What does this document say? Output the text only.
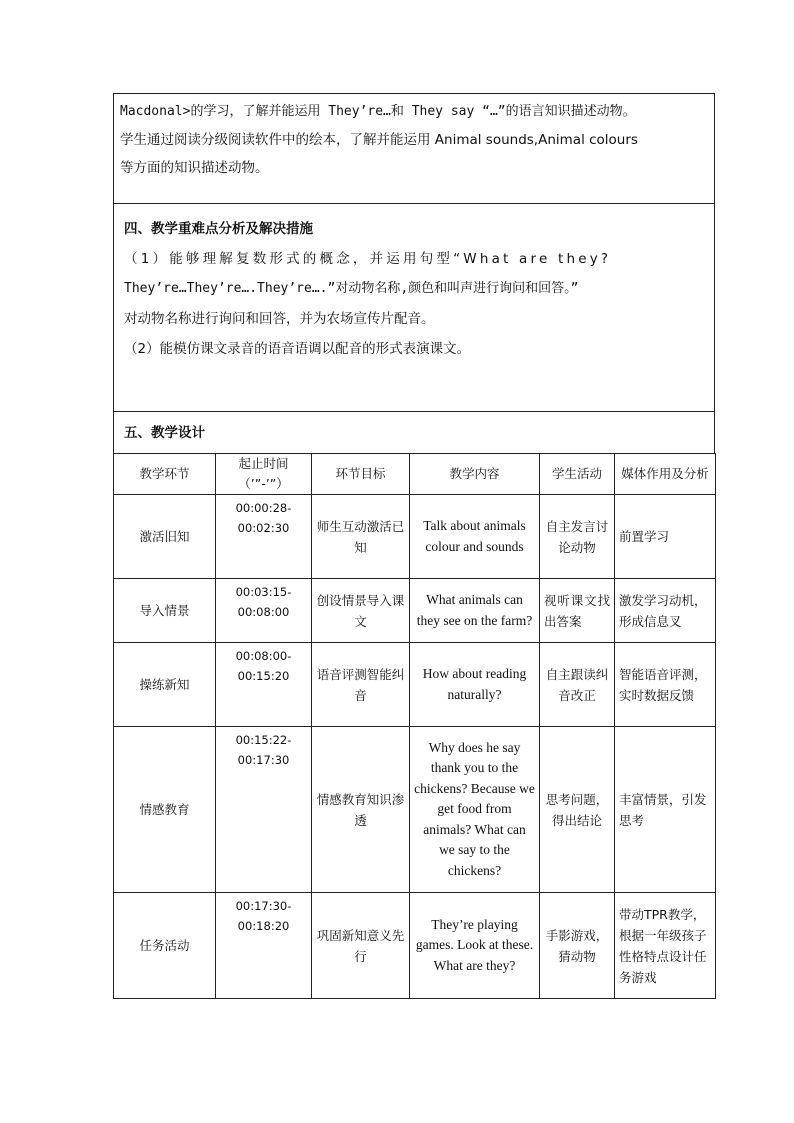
Macdonal>的学习，了解并能运用 They’re…和 They say “…”的语言知识描述动物。
学生通过阅读分级阅读软件中的绘本，了解并能运用 Animal sounds,Animal colours
等方面的知识描述动物。
四、教学重难点分析及解决措施
（1）能够理解复数形式的概念，并运用句型“What are they?
They’re…They’re….They’re….”对动物名称,颜色和叫声进行询问和回答。”
对动物名称进行询问和回答，并为农场宣传片配音。
（2）能模仿课文录音的语音语调以配音的形式表演课文。
五、教学设计
教学环节	起止时间（’”-’”）	环节目标	教学内容	学生活动	媒体作用及分析
激活旧知	00:00:28-00:02:30	师生互动激活已知	Talk about animals colour and sounds	自主发言讨论动物	前置学习
导入情景	00:03:15-00:08:00	创设情景导入课文	What animals can they see on the farm?	视听课文找出答案	激发学习动机，形成信息叉
操练新知	00:08:00-00:15:20	语音评测智能纠音	How about reading naturally?	自主跟读纠音改正	智能语音评测，实时数据反馈
情感教育	00:15:22-00:17:30	情感教育知识渗透	Why does he say thank you to the chickens? Because we get food from animals? What can we say to the chickens?	思考问题，得出结论	丰富情景，引发思考
任务活动	00:17:30-00:18:20	巩固新知意义先行	They’re playing games. Look at these. What are they?	手影游戏，猜动物	带动TPR教学，根据一年级孩子性格特点设计任务游戏
